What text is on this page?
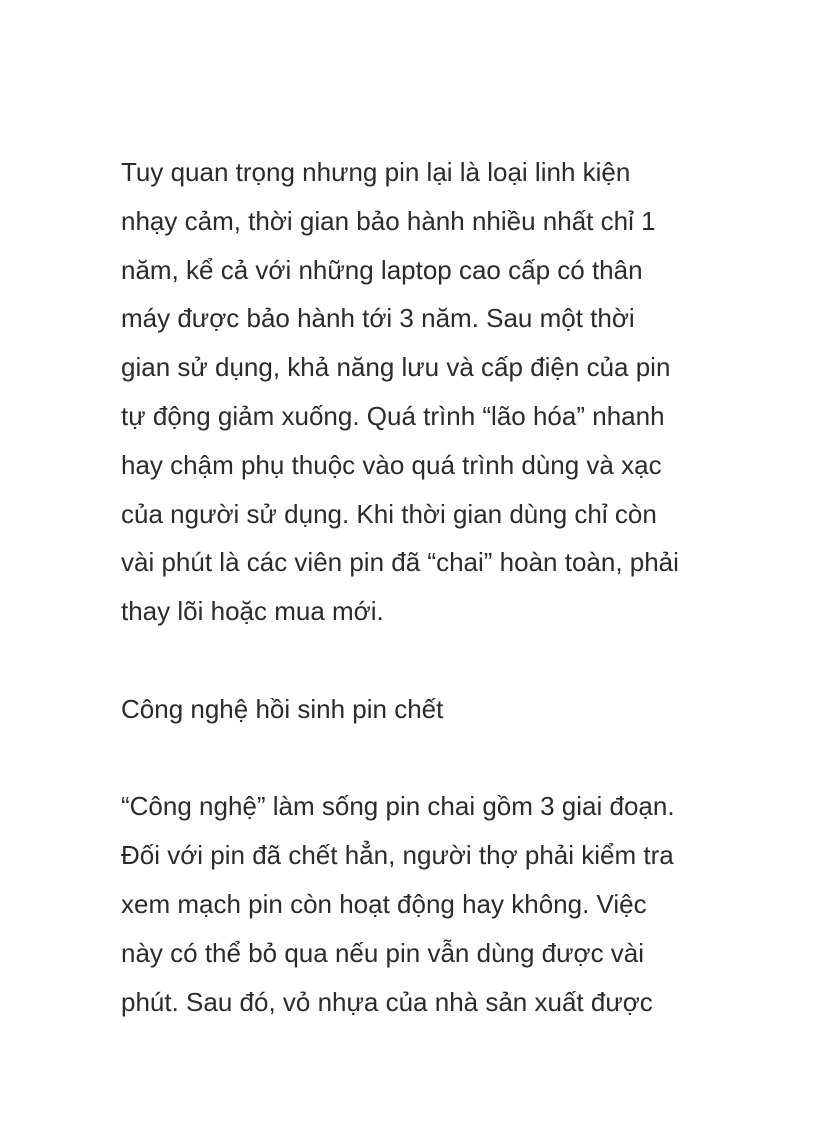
Tuy quan trọng nhưng pin lại là loại linh kiện
nhạy cảm, thời gian bảo hành nhiều nhất chỉ 1
năm, kể cả với những laptop cao cấp có thân
máy được bảo hành tới 3 năm. Sau một thời
gian sử dụng, khả năng lưu và cấp điện của pin
tự động giảm xuống. Quá trình “lão hóa” nhanh
hay chậm phụ thuộc vào quá trình dùng và xạc
của người sử dụng. Khi thời gian dùng chỉ còn
vài phút là các viên pin đã “chai” hoàn toàn, phải
thay lõi hoặc mua mới.
Công nghệ hồi sinh pin chết
“Công nghệ” làm sống pin chai gồm 3 giai đoạn.
Đối với pin đã chết hẳn, người thợ phải kiểm tra
xem mạch pin còn hoạt động hay không. Việc
này có thể bỏ qua nếu pin vẫn dùng được vài
phút. Sau đó, vỏ nhựa của nhà sản xuất được
